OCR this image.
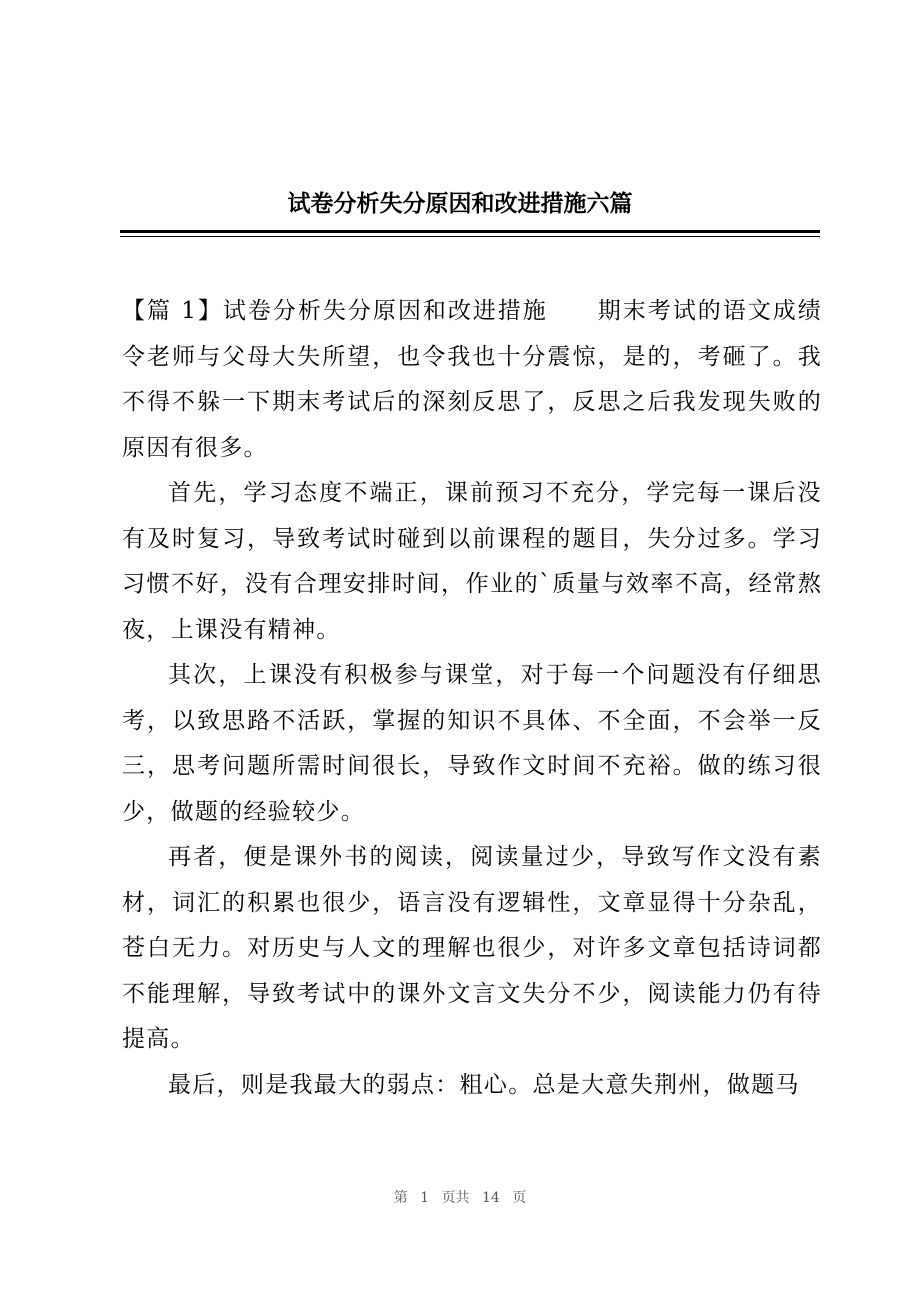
试卷分析失分原因和改进措施六篇

【篇 1】试卷分析失分原因和改进措施　　期末考试的语文成绩令老师与父母大失所望，也令我也十分震惊，是的，考砸了。我不得不躲一下期末考试后的深刻反思了，反思之后我发现失败的原因有很多。

首先，学习态度不端正，课前预习不充分，学完每一课后没有及时复习，导致考试时碰到以前课程的题目，失分过多。学习习惯不好，没有合理安排时间，作业的`质量与效率不高，经常熬夜，上课没有精神。

其次，上课没有积极参与课堂，对于每一个问题没有仔细思考，以致思路不活跃，掌握的知识不具体、不全面，不会举一反三，思考问题所需时间很长，导致作文时间不充裕。做的练习很少，做题的经验较少。

再者，便是课外书的阅读，阅读量过少，导致写作文没有素材，词汇的积累也很少，语言没有逻辑性，文章显得十分杂乱，苍白无力。对历史与人文的理解也很少，对许多文章包括诗词都不能理解，导致考试中的课外文言文失分不少，阅读能力仍有待提高。

最后，则是我最大的弱点：粗心。总是大意失荆州，做题马

第 1 页共 14 页
